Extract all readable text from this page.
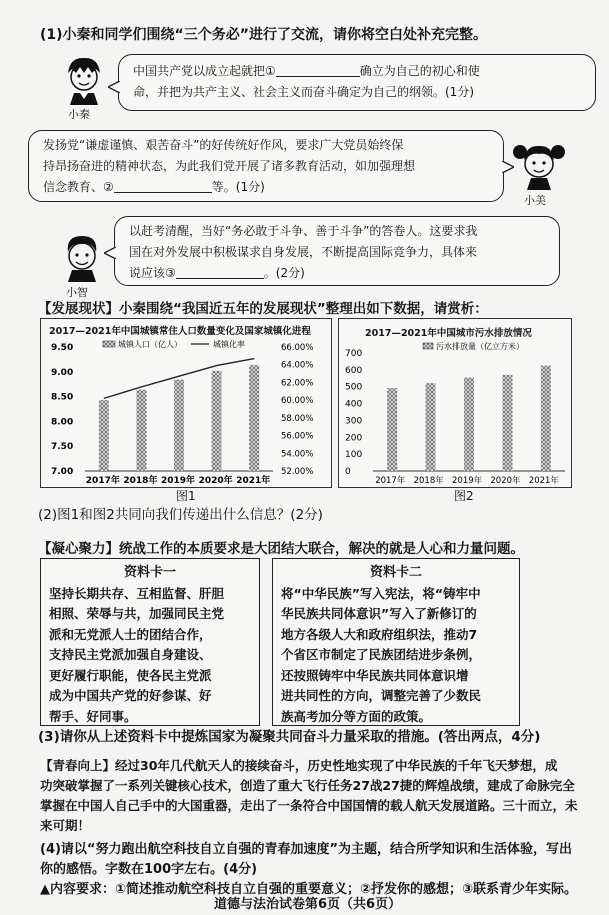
(1)小秦和同学们围绕“三个务必”进行了交流，请你将空白处补充完整。
小秦
中国共产党以成立起就把①	确立为自己的初心和使
命，并把为共产主义、社会主义而奋斗确定为自己的纲领。(1分)
发扬党“谦虚谨慎、艰苦奋斗”的好传统好作风，要求广大党员始终保
持昂扬奋进的精神状态，为此我们党开展了诸多教育活动，如加强理想
信念教育、②	等。(1分)
小美
小智
以赶考清醒，当好“务必敢于斗争、善于斗争”的答卷人。这要求我
国在对外发展中积极谋求自身发展，不断提高国际竞争力，具体来
说应该③	。(2分)
【发展现状】小秦围绕“我国近五年的发展现状”整理出如下数据，请赏析：
2017—2021年中国城镇常住人口数量变化及国家城镇化进程
9.50
9.00
8.50
8.00
7.50
7.00
66.00%
64.00%
62.00%
60.00%
58.00%
56.00%
54.00%
52.00%
城镇人口（亿人）	城镇化率
2017年 2018年 2019年 2020年 2021年
图1
2017—2021年中国城市污水排放情况
700
600
500
400
300
200
100
0
污水排放量（亿立方米）
2017年 2018年 2019年 2020年 2021年
图2
(2)图1和图2共同向我们传递出什么信息？(2分)
【凝心聚力】统战工作的本质要求是大团结大联合，解决的就是人心和力量问题。
资料卡一
坚持长期共存、互相监督、肝胆
相照、荣辱与共，加强同民主党
派和无党派人士的团结合作，
支持民主党派加强自身建设、
更好履行职能，使各民主党派
成为中国共产党的好参谋、好
帮手、好同事。
资料卡二
将“中华民族”写入宪法，将“铸牢中
华民族共同体意识”写入了新修订的
地方各级人大和政府组织法，推动7
个省区市制定了民族团结进步条例，
还按照铸牢中华民族共同体意识增
进共同性的方向，调整完善了少数民
族高考加分等方面的政策。
(3)请你从上述资料卡中提炼国家为凝聚共同奋斗力量采取的措施。(答出两点，4分)
【青春向上】经过30年几代航天人的接续奋斗，历史性地实现了中华民族的千年飞天梦想，成
功突破掌握了一系列关键核心技术，创造了重大飞行任务27战27捷的辉煌战绩，建成了命脉完全
掌握在中国人自己手中的大国重器，走出了一条符合中国国情的载人航天发展道路。三十而立，未
来可期！
(4)请以“努力跑出航空科技自立自强的青春加速度”为主题，结合所学知识和生活体验，写出
你的感悟。字数在100字左右。(4分)
▲内容要求：①简述推动航空科技自立自强的重要意义；②抒发你的感想；③联系青少年实际。
道德与法治试卷第6页（共6页）
